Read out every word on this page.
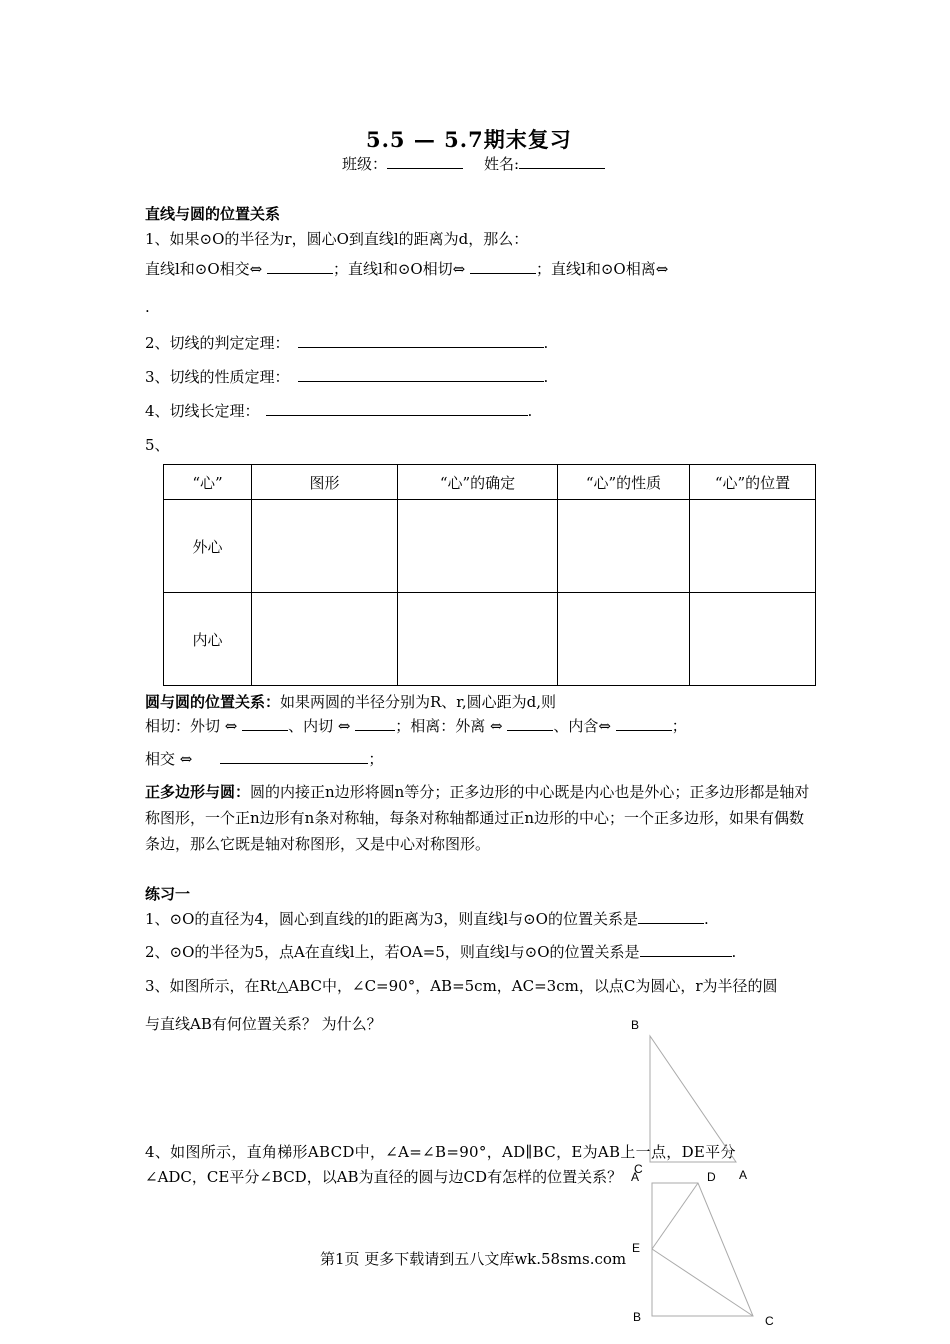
5.5 — 5.7期末复习
班级：	姓名:
直线与圆的位置关系
1、如果⊙O的半径为r，圆心O到直线l的距离为d，那么：
直线l和⊙O相交⇔	；直线l和⊙O相切⇔	；直线l和⊙O相离⇔
.
2、切线的判定定理：	.
3、切线的性质定理：	.
4、切线长定理：	.
5、
“心”	图形	“心”的确定	“心”的性质	“心”的位置
外心				
内心				
圆与圆的位置关系：如果两圆的半径分别为R、r,圆心距为d,则
相切：外切 ⇔	、内切 ⇔	；相离：外离 ⇔	、内含⇔	；
相交 ⇔	；
正多边形与圆：圆的内接正n边形将圆n等分；正多边形的中心既是内心也是外心；正多边形都是轴对称图形，一个正n边形有n条对称轴，每条对称轴都通过正n边形的中心；一个正多边形，如果有偶数条边，那么它既是轴对称图形，又是中心对称图形。
练习一
1、⊙O的直径为4，圆心到直线的l的距离为3，则直线l与⊙O的位置关系是	.
2、⊙O的半径为5，点A在直线l上，若OA=5，则直线l与⊙O的位置关系是	.
3、如图所示，在Rt△ABC中，∠C=90°，AB=5cm，AC=3cm，以点C为圆心，r为半径的圆
与直线AB有何位置关系？ 为什么？
4、如图所示，直角梯形ABCD中，∠A=∠B=90°，AD∥BC，E为AB上一点，DE平分
∠ADC，CE平分∠BCD，以AB为直径的圆与边CD有怎样的位置关系？
B
C	A
A	D
E
B	C
第1页 更多下载请到五八文库wk.58sms.com
